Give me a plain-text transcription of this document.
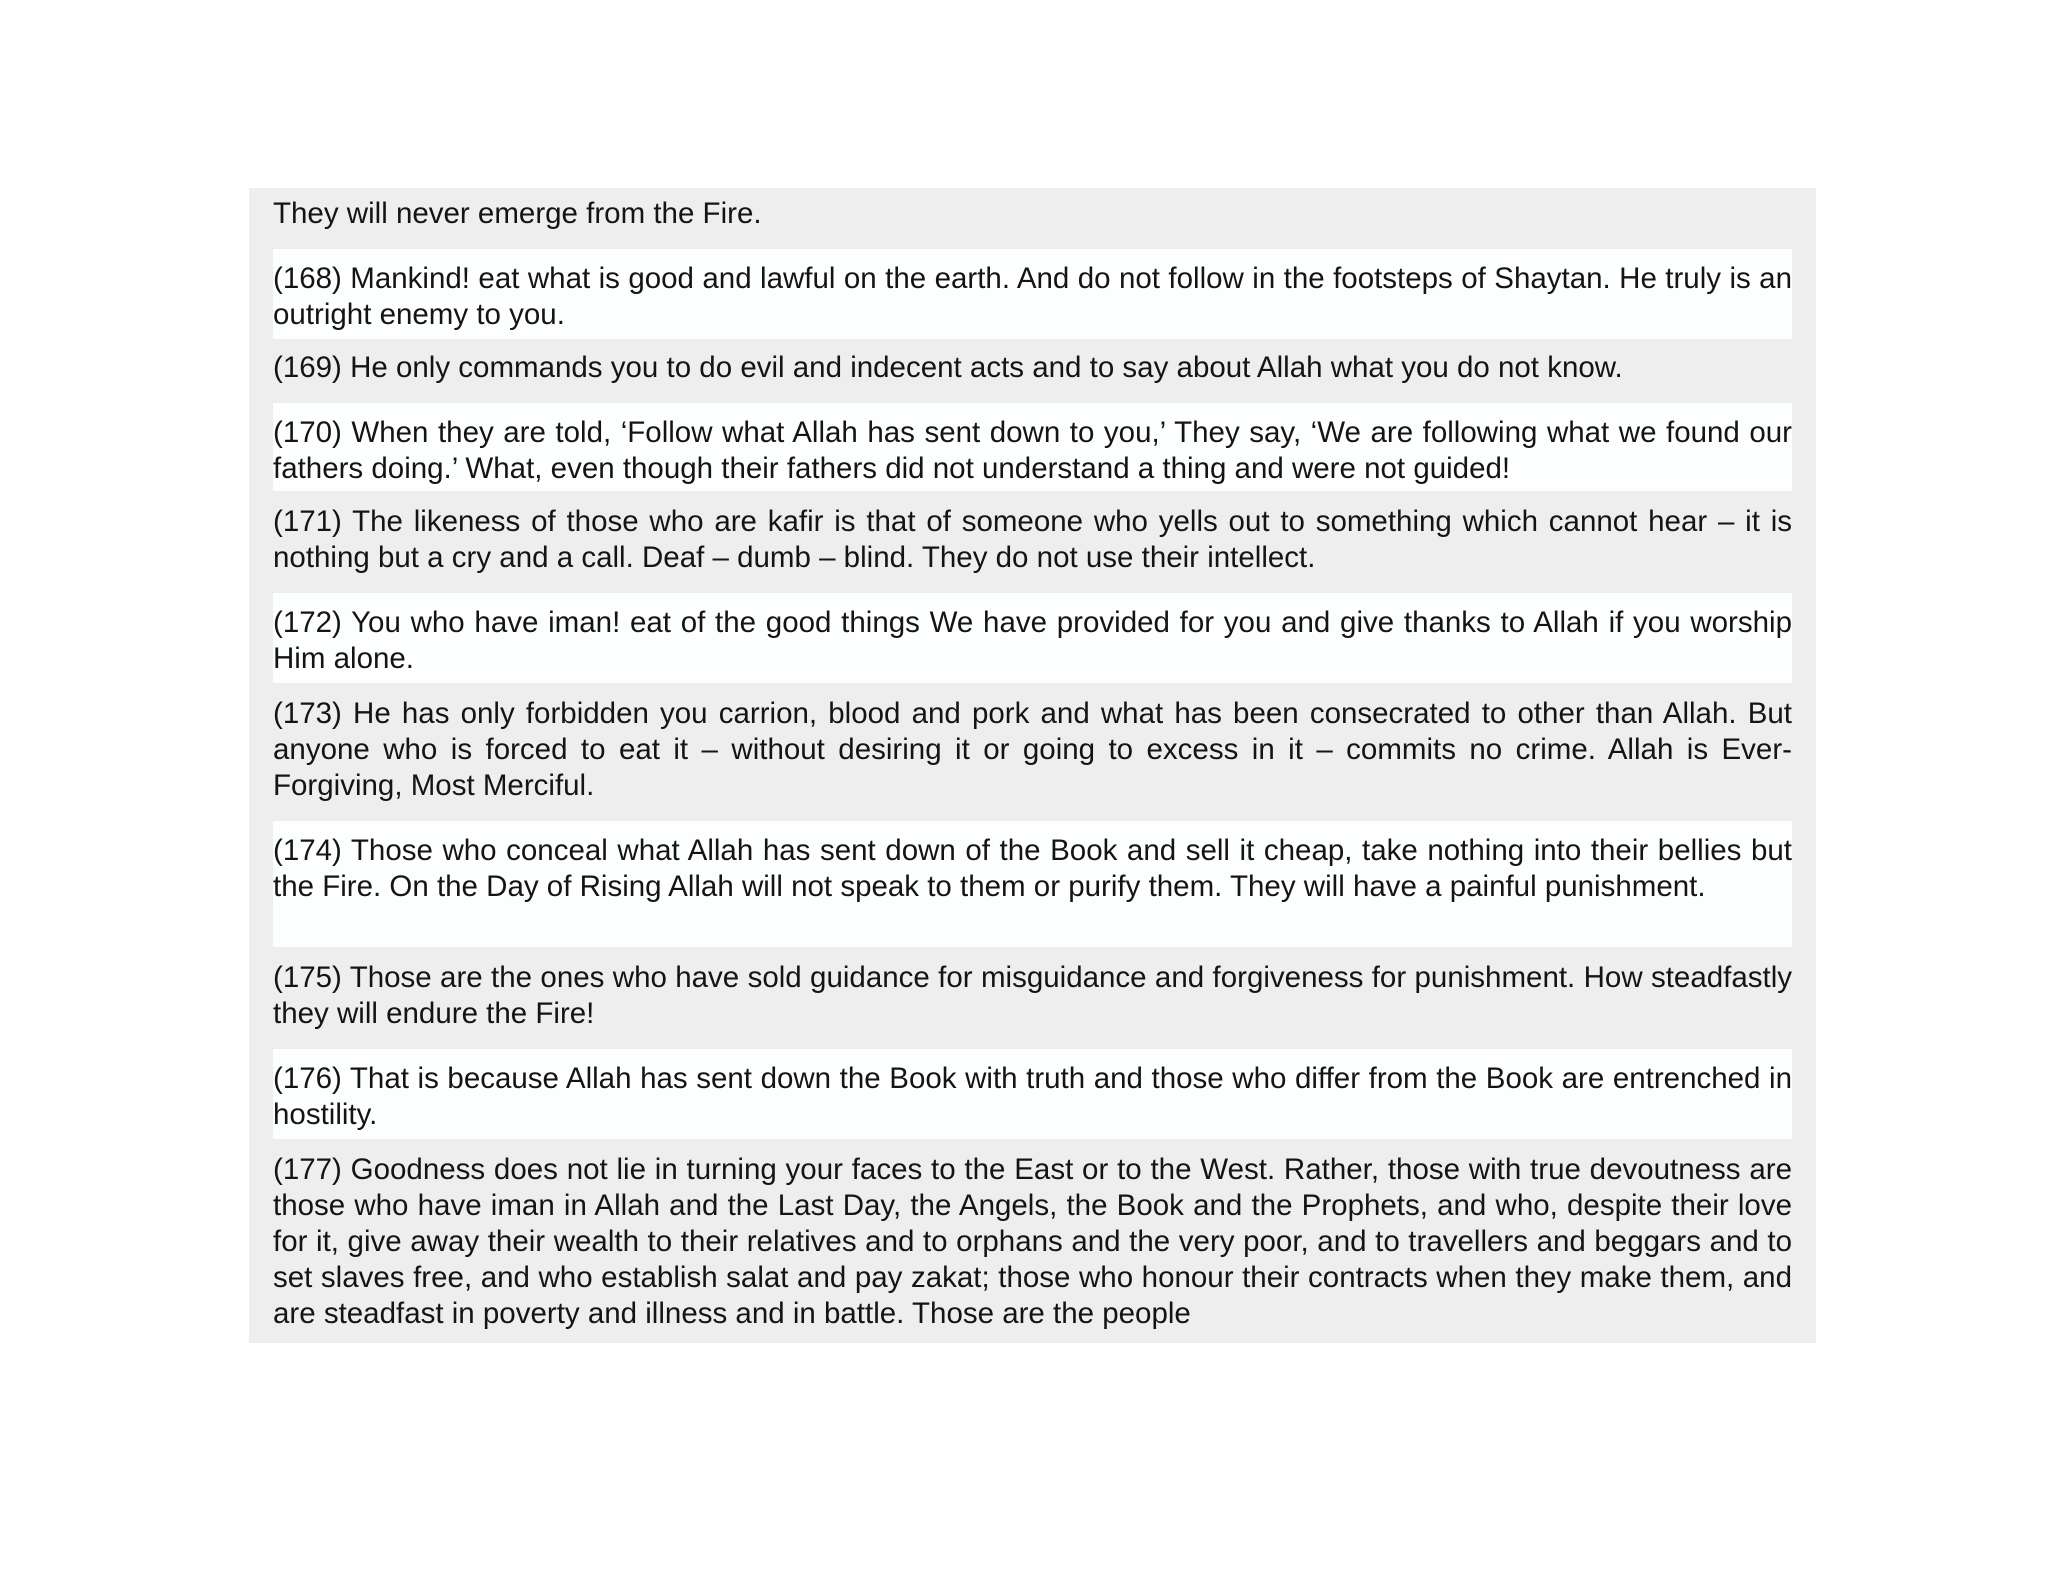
They will never emerge from the Fire.

(168) Mankind! eat what is good and lawful on the earth. And do not follow in the footsteps of Shaytan. He truly is an outright enemy to you.

(169) He only commands you to do evil and indecent acts and to say about Allah what you do not know.

(170) When they are told, ‘Follow what Allah has sent down to you,’ They say, ‘We are following what we found our fathers doing.’ What, even though their fathers did not understand a thing and were not guided!

(171) The likeness of those who are kafir is that of someone who yells out to something which cannot hear – it is nothing but a cry and a call. Deaf – dumb – blind. They do not use their intellect.

(172) You who have iman! eat of the good things We have provided for you and give thanks to Allah if you worship Him alone.

(173) He has only forbidden you carrion, blood and pork and what has been consecrated to other than Allah. But anyone who is forced to eat it – without desiring it or going to excess in it – commits no crime. Allah is Ever-Forgiving, Most Merciful.

(174) Those who conceal what Allah has sent down of the Book and sell it cheap, take nothing into their bellies but the Fire. On the Day of Rising Allah will not speak to them or purify them. They will have a painful punishment.

(175) Those are the ones who have sold guidance for misguidance and forgiveness for punishment. How steadfastly they will endure the Fire!

(176) That is because Allah has sent down the Book with truth and those who differ from the Book are entrenched in hostility.

(177) Goodness does not lie in turning your faces to the East or to the West. Rather, those with true devoutness are those who have iman in Allah and the Last Day, the Angels, the Book and the Prophets, and who, despite their love for it, give away their wealth to their relatives and to orphans and the very poor, and to travellers and beggars and to set slaves free, and who establish salat and pay zakat; those who honour their contracts when they make them, and are steadfast in poverty and illness and in battle. Those are the people
